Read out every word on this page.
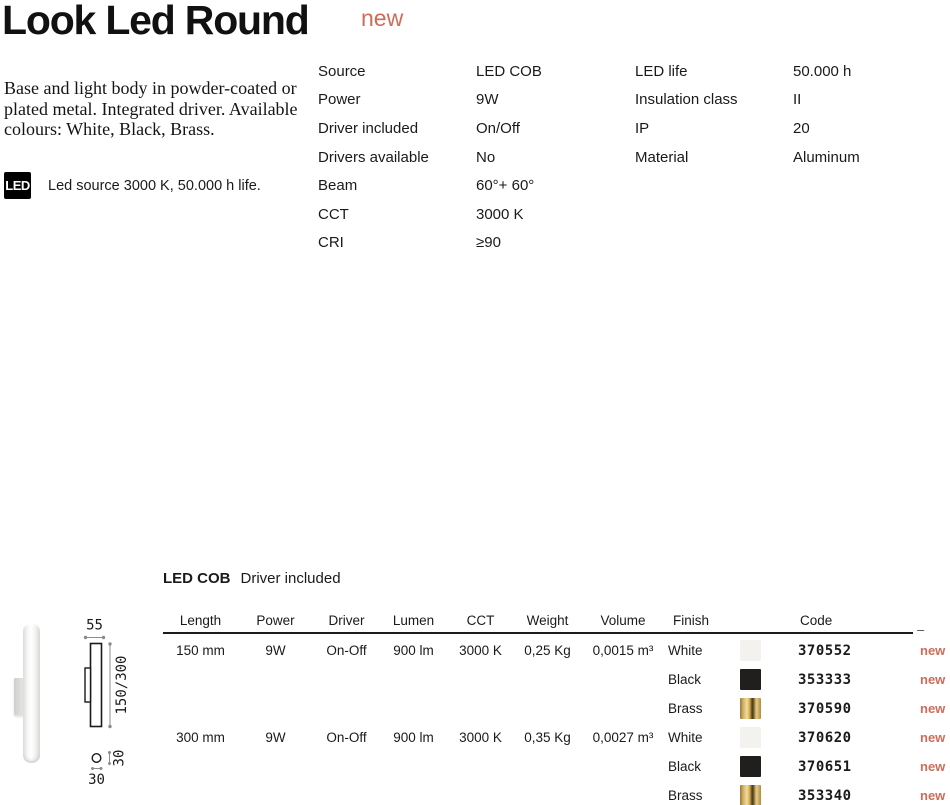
Look Led Round new

Base and light body in powder-coated or plated metal. Integrated driver. Available colours: White, Black, Brass.

LED Led source 3000 K, 50.000 h life.
Source	LED COB
Power	9W
Driver included	On/Off
Drivers available	No
Beam	60°+ 60°
CCT	3000 K
CRI	≥90
LED life	50.000 h
Insulation class	II
IP	20
Material	Aluminum
55
150/300
30
30
LED COB Driver included
Length	Power	Driver	Lumen	CCT	Weight	Volume	Finish	Code
–
150 mm	9W	On-Off	900 lm	3000 K	0,25 Kg	0,0015 m³	White	370552	new
Black	353333	new
Brass	370590	new
300 mm	9W	On-Off	900 lm	3000 K	0,35 Kg	0,0027 m³	White	370620	new
Black	370651	new
Brass	353340	new
